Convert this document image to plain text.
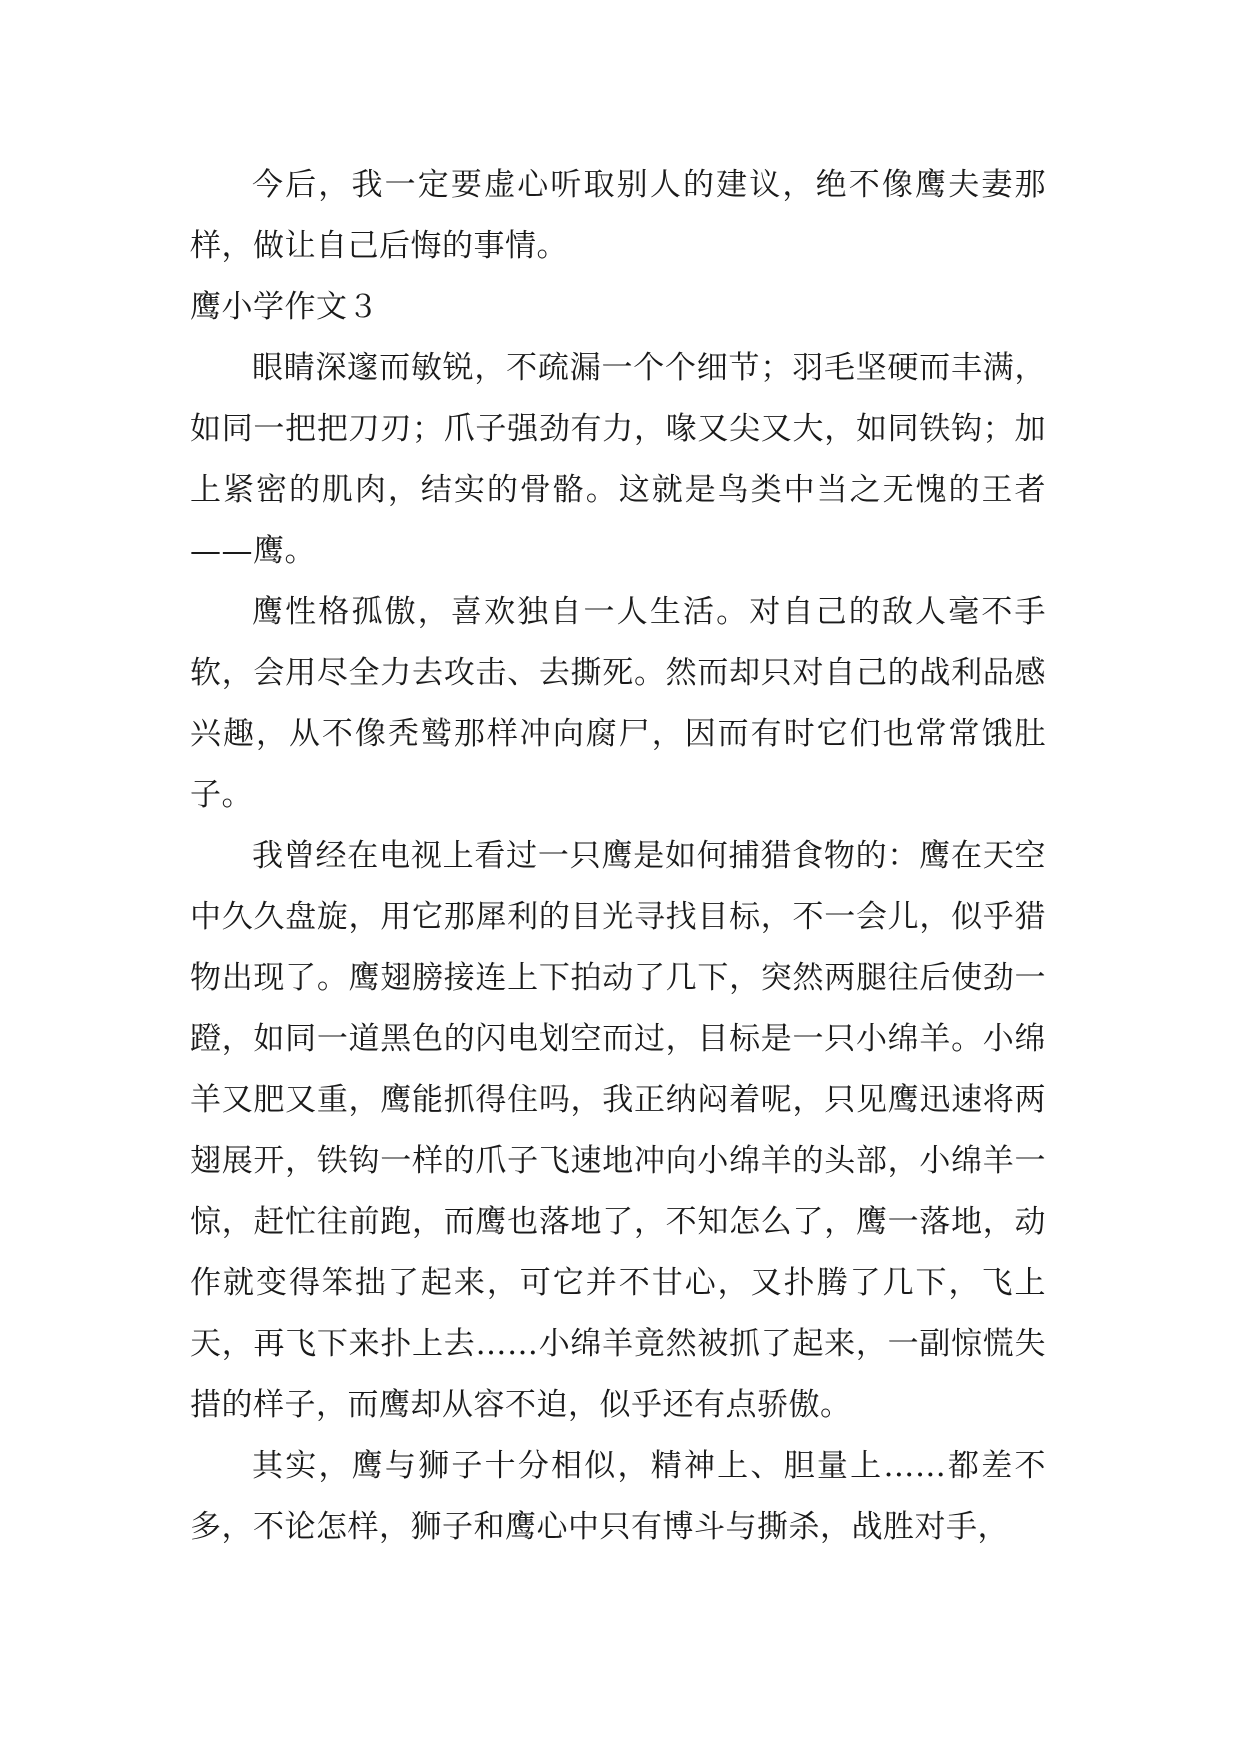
今后，我一定要虚心听取别人的建议，绝不像鹰夫妻那样，做让自己后悔的事情。

鹰小学作文３

眼睛深邃而敏锐，不疏漏一个个细节；羽毛坚硬而丰满，如同一把把刀刃；爪子强劲有力，喙又尖又大，如同铁钩；加上紧密的肌肉，结实的骨骼。这就是鸟类中当之无愧的王者——鹰。

鹰性格孤傲，喜欢独自一人生活。对自己的敌人毫不手软，会用尽全力去攻击、去撕死。然而却只对自己的战利品感兴趣，从不像秃鹫那样冲向腐尸，因而有时它们也常常饿肚子。

我曾经在电视上看过一只鹰是如何捕猎食物的：鹰在天空中久久盘旋，用它那犀利的目光寻找目标，不一会儿，似乎猎物出现了。鹰翅膀接连上下拍动了几下，突然两腿往后使劲一蹬，如同一道黑色的闪电划空而过，目标是一只小绵羊。小绵羊又肥又重，鹰能抓得住吗，我正纳闷着呢，只见鹰迅速将两翅展开，铁钩一样的爪子飞速地冲向小绵羊的头部，小绵羊一惊，赶忙往前跑，而鹰也落地了，不知怎么了，鹰一落地，动作就变得笨拙了起来，可它并不甘心，又扑腾了几下，飞上天，再飞下来扑上去……小绵羊竟然被抓了起来，一副惊慌失措的样子，而鹰却从容不迫，似乎还有点骄傲。

其实，鹰与狮子十分相似，精神上、胆量上……都差不多，不论怎样，狮子和鹰心中只有博斗与撕杀，战胜对手，
